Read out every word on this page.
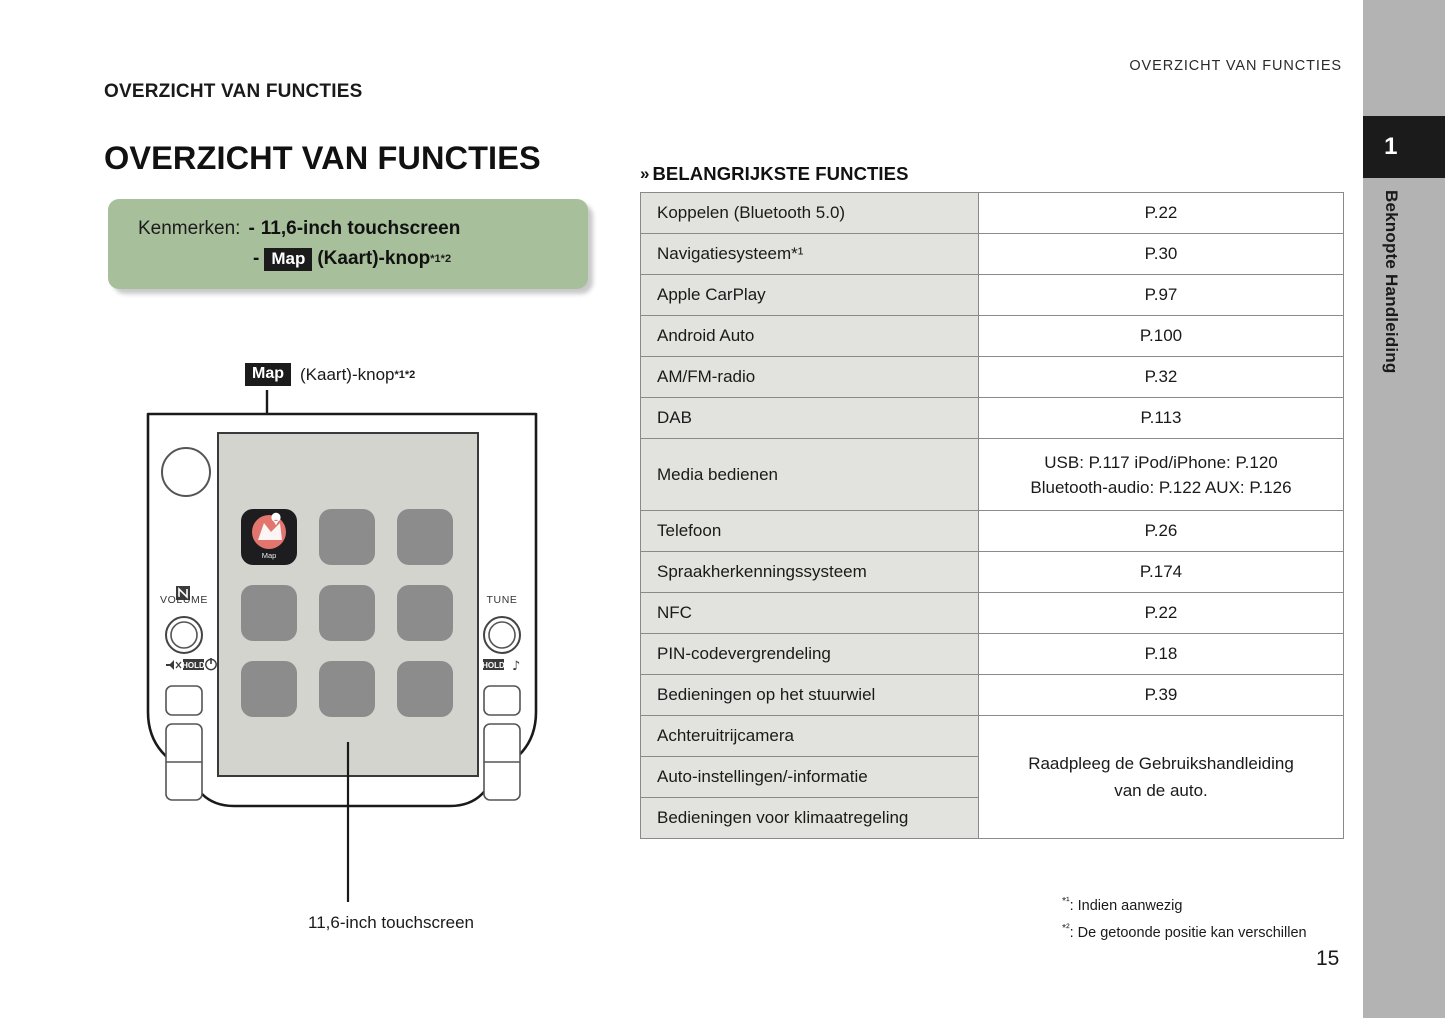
1
Beknopte Handleiding
OVERZICHT VAN FUNCTIES
OVERZICHT VAN FUNCTIES
OVERZICHT VAN FUNCTIES
Kenmerken: - 11,6-inch touchscreen
- Map (Kaart)-knop *1*2
Map (Kaart)-knop *1*2
VOLUME
HOLD
TUNE
HOLD ♪
Map
11,6-inch touchscreen
» BELANGRIJKSTE FUNCTIES
Koppelen (Bluetooth 5.0)	P.22
Navigatiesysteem*¹	P.30
Apple CarPlay	P.97
Android Auto	P.100
AM/FM-radio	P.32
DAB	P.113
Media bedienen	USB: P.117 iPod/iPhone: P.120
Bluetooth-audio: P.122 AUX: P.126

Telefoon	P.26
Spraakherkenningssysteem	P.174
NFC	P.22
PIN-codevergrendeling	P.18
Bedieningen op het stuurwiel	P.39
Achteruitrijcamera	Raadpleeg de Gebruikshandleiding
van de auto.

Auto-instellingen/-informatie	
Bedieningen voor klimaatregeling	
$^{*^1}$: Indien aanwezig
$^{*^2}$: De getoonde positie kan verschillen
15
